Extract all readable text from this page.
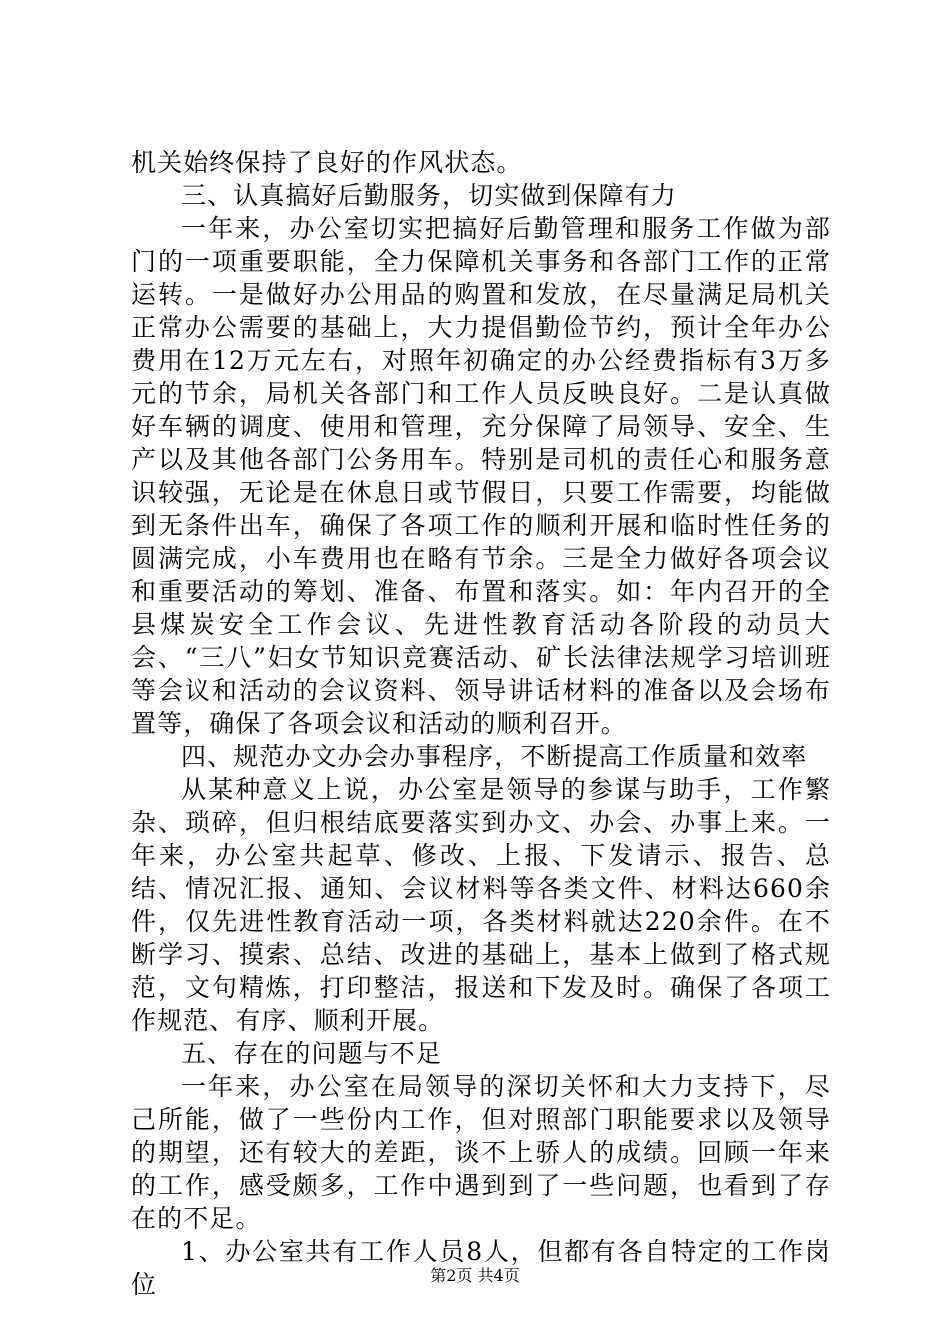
机关始终保持了良好的作风状态。

三、认真搞好后勤服务，切实做到保障有力

一年来，办公室切实把搞好后勤管理和服务工作做为部门的一项重要职能，全力保障机关事务和各部门工作的正常运转。一是做好办公用品的购置和发放，在尽量满足局机关正常办公需要的基础上，大力提倡勤俭节约，预计全年办公费用在12万元左右，对照年初确定的办公经费指标有3万多元的节余，局机关各部门和工作人员反映良好。二是认真做好车辆的调度、使用和管理，充分保障了局领导、安全、生产以及其他各部门公务用车。特别是司机的责任心和服务意识较强，无论是在休息日或节假日，只要工作需要，均能做到无条件出车，确保了各项工作的顺利开展和临时性任务的圆满完成，小车费用也在略有节余。三是全力做好各项会议和重要活动的筹划、准备、布置和落实。如：年内召开的全县煤炭安全工作会议、先进性教育活动各阶段的动员大会、“三八”妇女节知识竞赛活动、矿长法律法规学习培训班等会议和活动的会议资料、领导讲话材料的准备以及会场布置等，确保了各项会议和活动的顺利召开。

四、规范办文办会办事程序，不断提高工作质量和效率

从某种意义上说，办公室是领导的参谋与助手，工作繁杂、琐碎，但归根结底要落实到办文、办会、办事上来。一年来，办公室共起草、修改、上报、下发请示、报告、总结、情况汇报、通知、会议材料等各类文件、材料达660余件，仅先进性教育活动一项，各类材料就达220余件。在不断学习、摸索、总结、改进的基础上，基本上做到了格式规范，文句精炼，打印整洁，报送和下发及时。确保了各项工作规范、有序、顺利开展。

五、存在的问题与不足

一年来，办公室在局领导的深切关怀和大力支持下，尽己所能，做了一些份内工作，但对照部门职能要求以及领导的期望，还有较大的差距，谈不上骄人的成绩。回顾一年来的工作，感受颇多，工作中遇到到了一些问题，也看到了存在的不足。

1、办公室共有工作人员8人，但都有各自特定的工作岗位	第2页 共4页
